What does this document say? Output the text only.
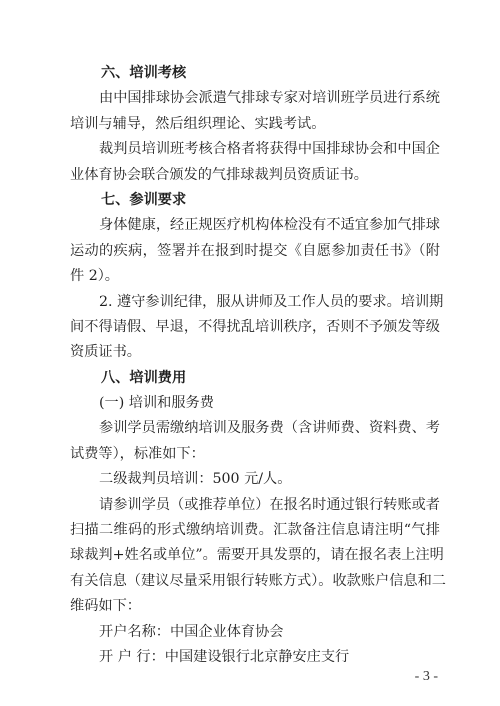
六、培训考核
由中国排球协会派遣气排球专家对培训班学员进行系统
培训与辅导，然后组织理论、实践考试。
裁判员培训班考核合格者将获得中国排球协会和中国企
业体育协会联合颁发的气排球裁判员资质证书。
七、参训要求
身体健康，经正规医疗机构体检没有不适宜参加气排球
运动的疾病，签署并在报到时提交《自愿参加责任书》（附
件 2）。
2. 遵守参训纪律，服从讲师及工作人员的要求。培训期
间不得请假、早退，不得扰乱培训秩序，否则不予颁发等级
资质证书。
八、培训费用
(一) 培训和服务费
参训学员需缴纳培训及服务费（含讲师费、资料费、考
试费等），标准如下：
二级裁判员培训：500 元/人。
请参训学员（或推荐单位）在报名时通过银行转账或者
扫描二维码的形式缴纳培训费。汇款备注信息请注明“气排
球裁判+姓名或单位”。需要开具发票的，请在报名表上注明
有关信息（建议尽量采用银行转账方式）。收款账户信息和二
维码如下：
开户名称：中国企业体育协会
开 户 行：中国建设银行北京静安庄支行
- 3 -
